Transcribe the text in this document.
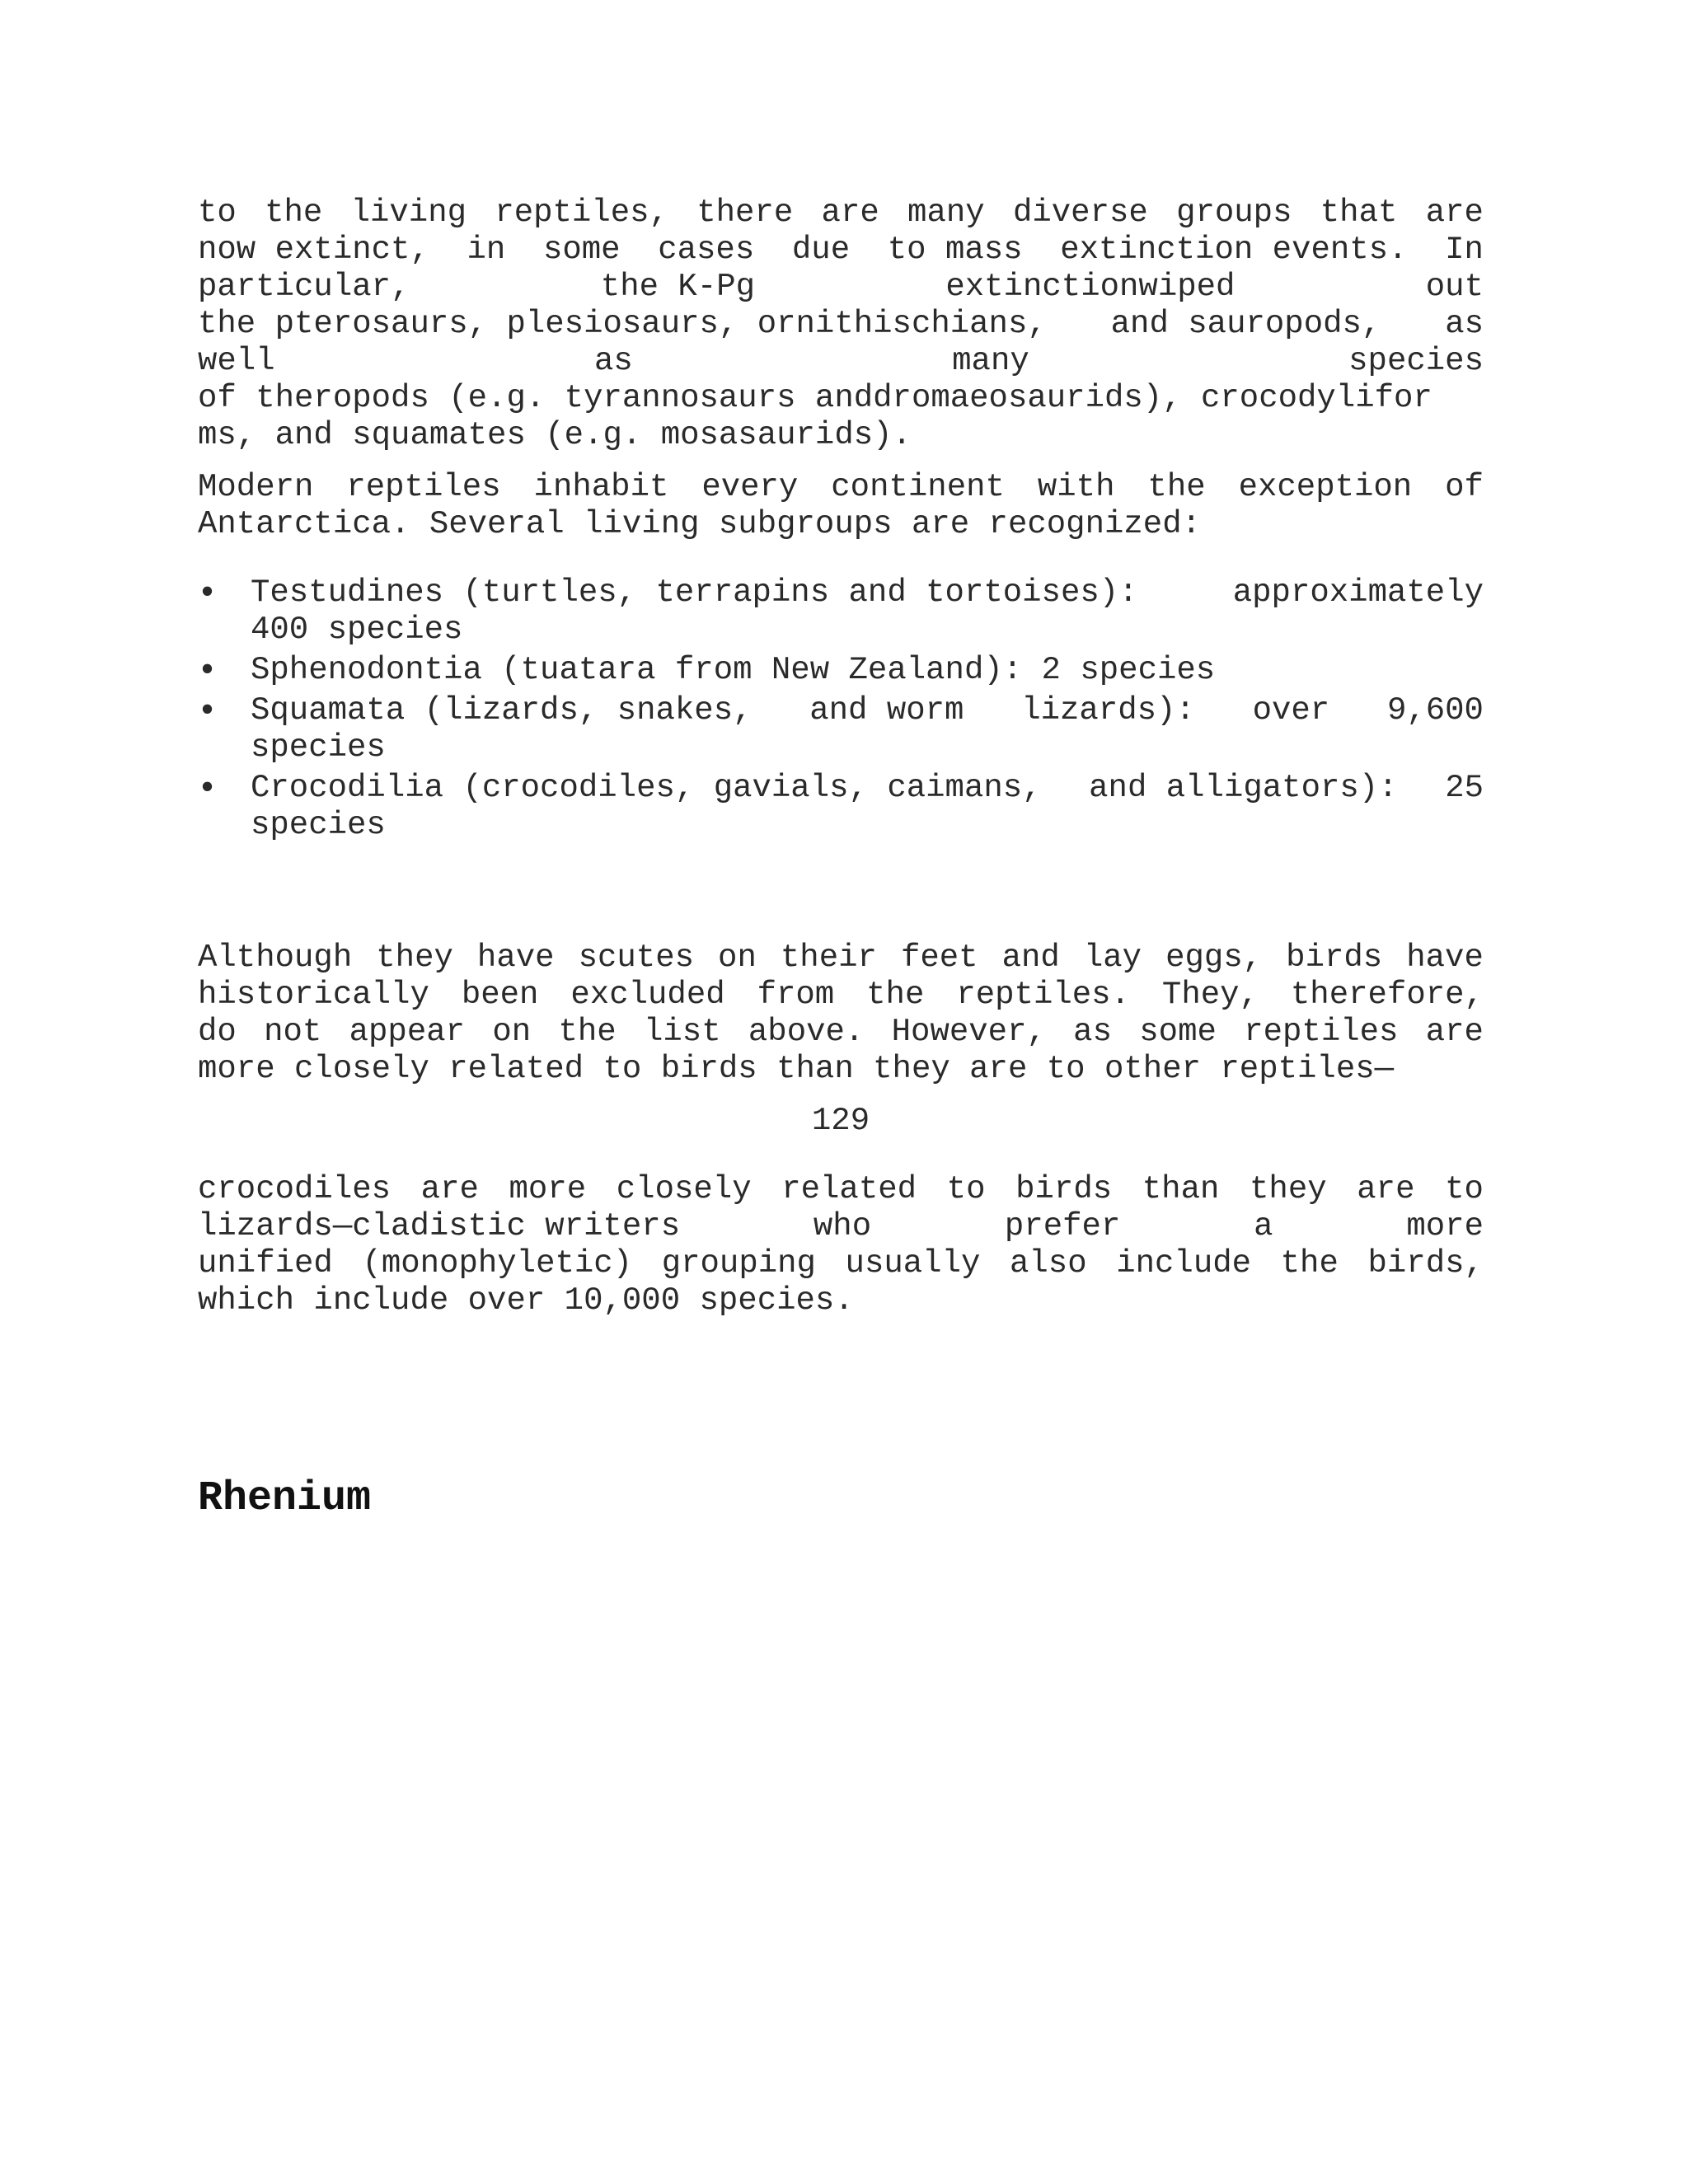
to the living reptiles, there are many diverse groups that are
now extinct, in some cases due to mass extinction events. In
particular,	the K-Pg	extinctionwiped	out
the pterosaurs, plesiosaurs, ornithischians, and sauropods, as
well	as	many	species
of theropods (e.g. tyrannosaurs anddromaeosaurids), crocodylifor
ms, and squamates (e.g. mosasaurids).
Modern reptiles inhabit every continent with the exception of
Antarctica. Several living subgroups are recognized:
• Testudines (turtles, terrapins and tortoises):	approximately
400 species
• Sphenodontia (tuatara from New Zealand): 2 species
• Squamata (lizards, snakes, and worm lizards): over 9,600
species
• Crocodilia (crocodiles, gavials, caimans, and alligators): 25
species
Although they have scutes on their feet and lay eggs, birds have
historically been excluded from the reptiles. They, therefore,
do not appear on the list above. However, as some reptiles are
more closely related to birds than they are to other reptiles—
129
crocodiles are more closely related to birds than they are to
lizards—cladistic writers	who	prefer	a	more
unified (monophyletic) grouping usually also include the birds,
which include over 10,000 species.
Rhenium
